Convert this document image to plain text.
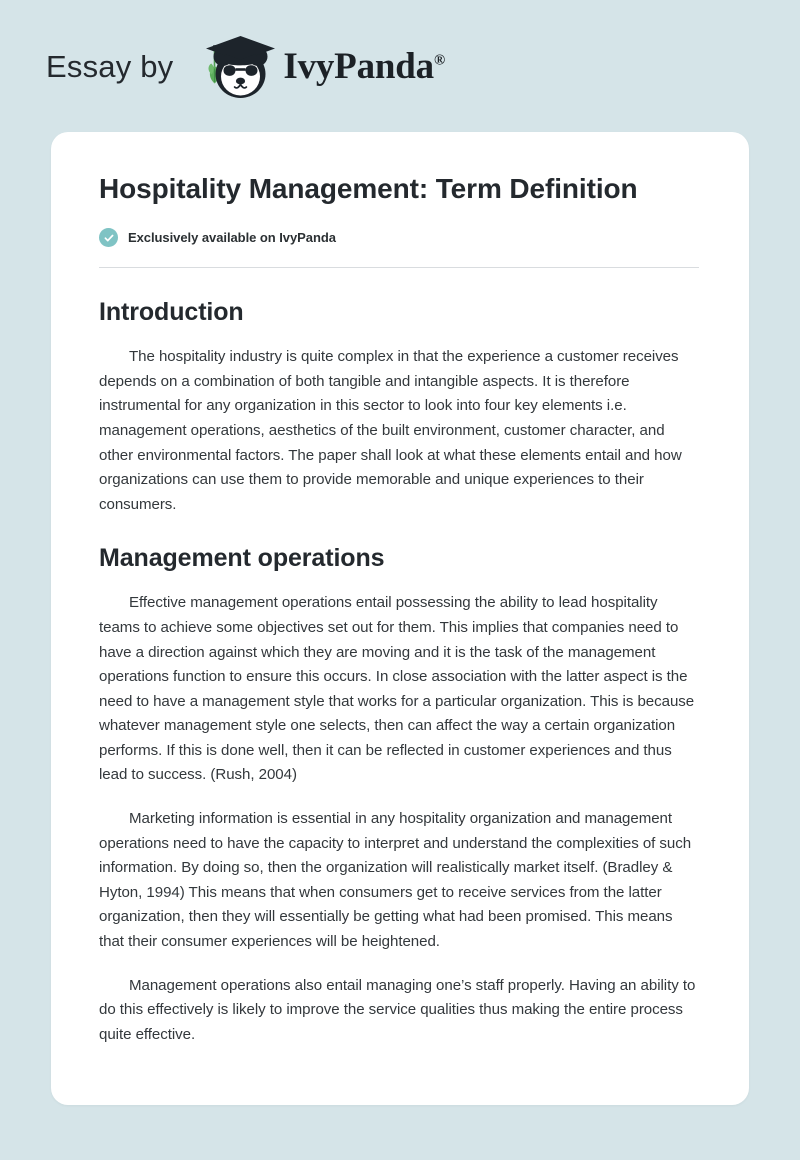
Essay by	IvyPanda®
Hospitality Management: Term Definition
Exclusively available on IvyPanda
Introduction

The hospitality industry is quite complex in that the experience a customer receives depends on a combination of both tangible and intangible aspects. It is therefore instrumental for any organization in this sector to look into four key elements i.e. management operations, aesthetics of the built environment, customer character, and other environmental factors. The paper shall look at what these elements entail and how organizations can use them to provide memorable and unique experiences to their consumers.

Management operations

Effective management operations entail possessing the ability to lead hospitality teams to achieve some objectives set out for them. This implies that companies need to have a direction against which they are moving and it is the task of the management operations function to ensure this occurs. In close association with the latter aspect is the need to have a management style that works for a particular organization. This is because whatever management style one selects, then can affect the way a certain organization performs. If this is done well, then it can be reflected in customer experiences and thus lead to success. (Rush, 2004)

Marketing information is essential in any hospitality organization and management operations need to have the capacity to interpret and understand the complexities of such information. By doing so, then the organization will realistically market itself. (Bradley & Hyton, 1994) This means that when consumers get to receive services from the latter organization, then they will essentially be getting what had been promised. This means that their consumer experiences will be heightened.

Management operations also entail managing one’s staff properly. Having an ability to do this effectively is likely to improve the service qualities thus making the entire process quite effective.
